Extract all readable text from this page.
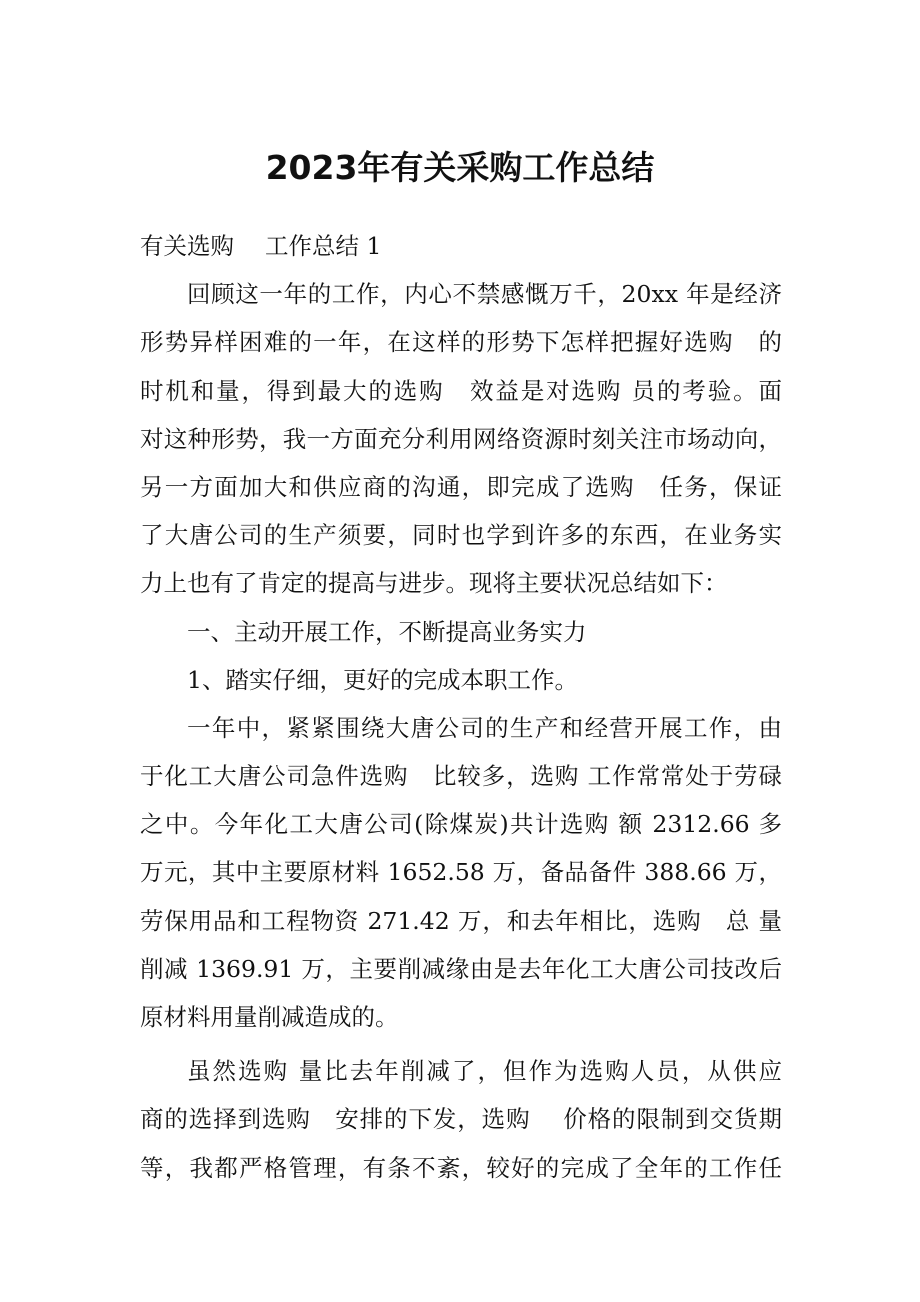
2023年有关采购工作总结
有关选购　 工作总结 1
回顾这一年的工作，内心不禁感慨万千，20xx 年是经济
形势异样困难的一年，在这样的形势下怎样把握好选购　的
时机和量，得到最大的选购　效益是对选购 员的考验。面
对这种形势，我一方面充分利用网络资源时刻关注市场动向，
另一方面加大和供应商的沟通，即完成了选购　任务，保证
了大唐公司的生产须要，同时也学到许多的东西，在业务实
力上也有了肯定的提高与进步。现将主要状况总结如下：
一、主动开展工作，不断提高业务实力
1、踏实仔细，更好的完成本职工作。
一年中，紧紧围绕大唐公司的生产和经营开展工作，由
于化工大唐公司急件选购　比较多，选购 工作常常处于劳碌
之中。今年化工大唐公司(除煤炭)共计选购 额 2312.66 多
万元，其中主要原材料 1652.58 万，备品备件 388.66 万，
劳保用品和工程物资 271.42 万，和去年相比，选购　总 量
削减 1369.91 万，主要削减缘由是去年化工大唐公司技改后
原材料用量削减造成的。
虽然选购 量比去年削减了，但作为选购人员，从供应
商的选择到选购　安排的下发，选购　 价格的限制到交货期
等，我都严格管理，有条不紊，较好的完成了全年的工作任
